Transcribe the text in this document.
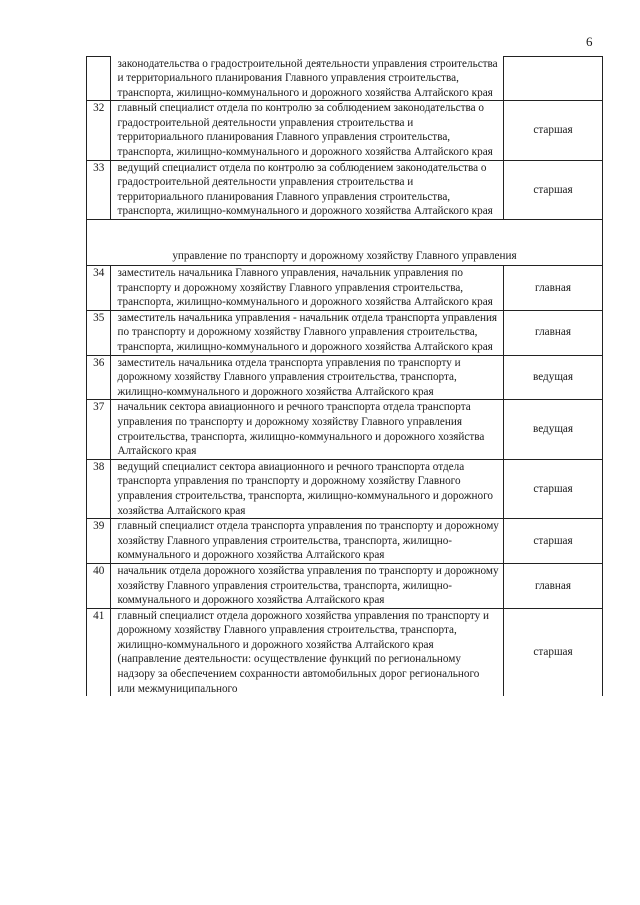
6
	законодательства о градостроительной деятельности управления строительства и территориального планирования Главного управления строительства, транспорта, жилищно-коммунального и дорожного хозяйства Алтайского края	
32	главный специалист отдела по контролю за соблюдением законодательства о градостроительной деятельности управления строительства и территориального планирования Главного управления строительства, транспорта, жилищно-коммунального и дорожного хозяйства Алтайского края	старшая
33	ведущий специалист отдела по контролю за соблюдением законодательства о градостроительной деятельности управления строительства и территориального планирования Главного управления строительства, транспорта, жилищно-коммунального и дорожного хозяйства Алтайского края	старшая
управление по транспорту и дорожному хозяйству Главного управления		
34	заместитель начальника Главного управления, начальник управления по транспорту и дорожному хозяйству Главного управления строительства, транспорта, жилищно-коммунального и дорожного хозяйства Алтайского края	главная
35	заместитель начальника управления - начальник отдела транспорта управления по транспорту и дорожному хозяйству Главного управления строительства, транспорта, жилищно-коммунального и дорожного хозяйства Алтайского края	главная
36	заместитель начальника отдела транспорта управления по транспорту и дорожному хозяйству Главного управления строительства, транспорта, жилищно-коммунального и дорожного хозяйства Алтайского края	ведущая
37	начальник сектора авиационного и речного транспорта отдела транспорта управления по транспорту и дорожному хозяйству Главного управления строительства, транспорта, жилищно-коммунального и дорожного хозяйства Алтайского края	ведущая
38	ведущий специалист сектора авиационного и речного транспорта отдела транспорта управления по транспорту и дорожному хозяйству Главного управления строительства, транспорта, жилищно-коммунального и дорожного хозяйства Алтайского края	старшая
39	главный специалист отдела транспорта управления по транспорту и дорожному хозяйству Главного управления строительства, транспорта, жилищно-коммунального и дорожного хозяйства Алтайского края	старшая
40	начальник отдела дорожного хозяйства управления по транспорту и дорожному хозяйству Главного управления строительства, транспорта, жилищно-коммунального и дорожного хозяйства Алтайского края	главная
41	главный специалист отдела дорожного хозяйства управления по транспорту и дорожному хозяйству Главного управления строительства, транспорта, жилищно-коммунального и дорожного хозяйства Алтайского края
(направление деятельности: осуществление функций по региональному надзору за обеспечением сохранности автомобильных дорог регионального или межмуниципального	старшая
